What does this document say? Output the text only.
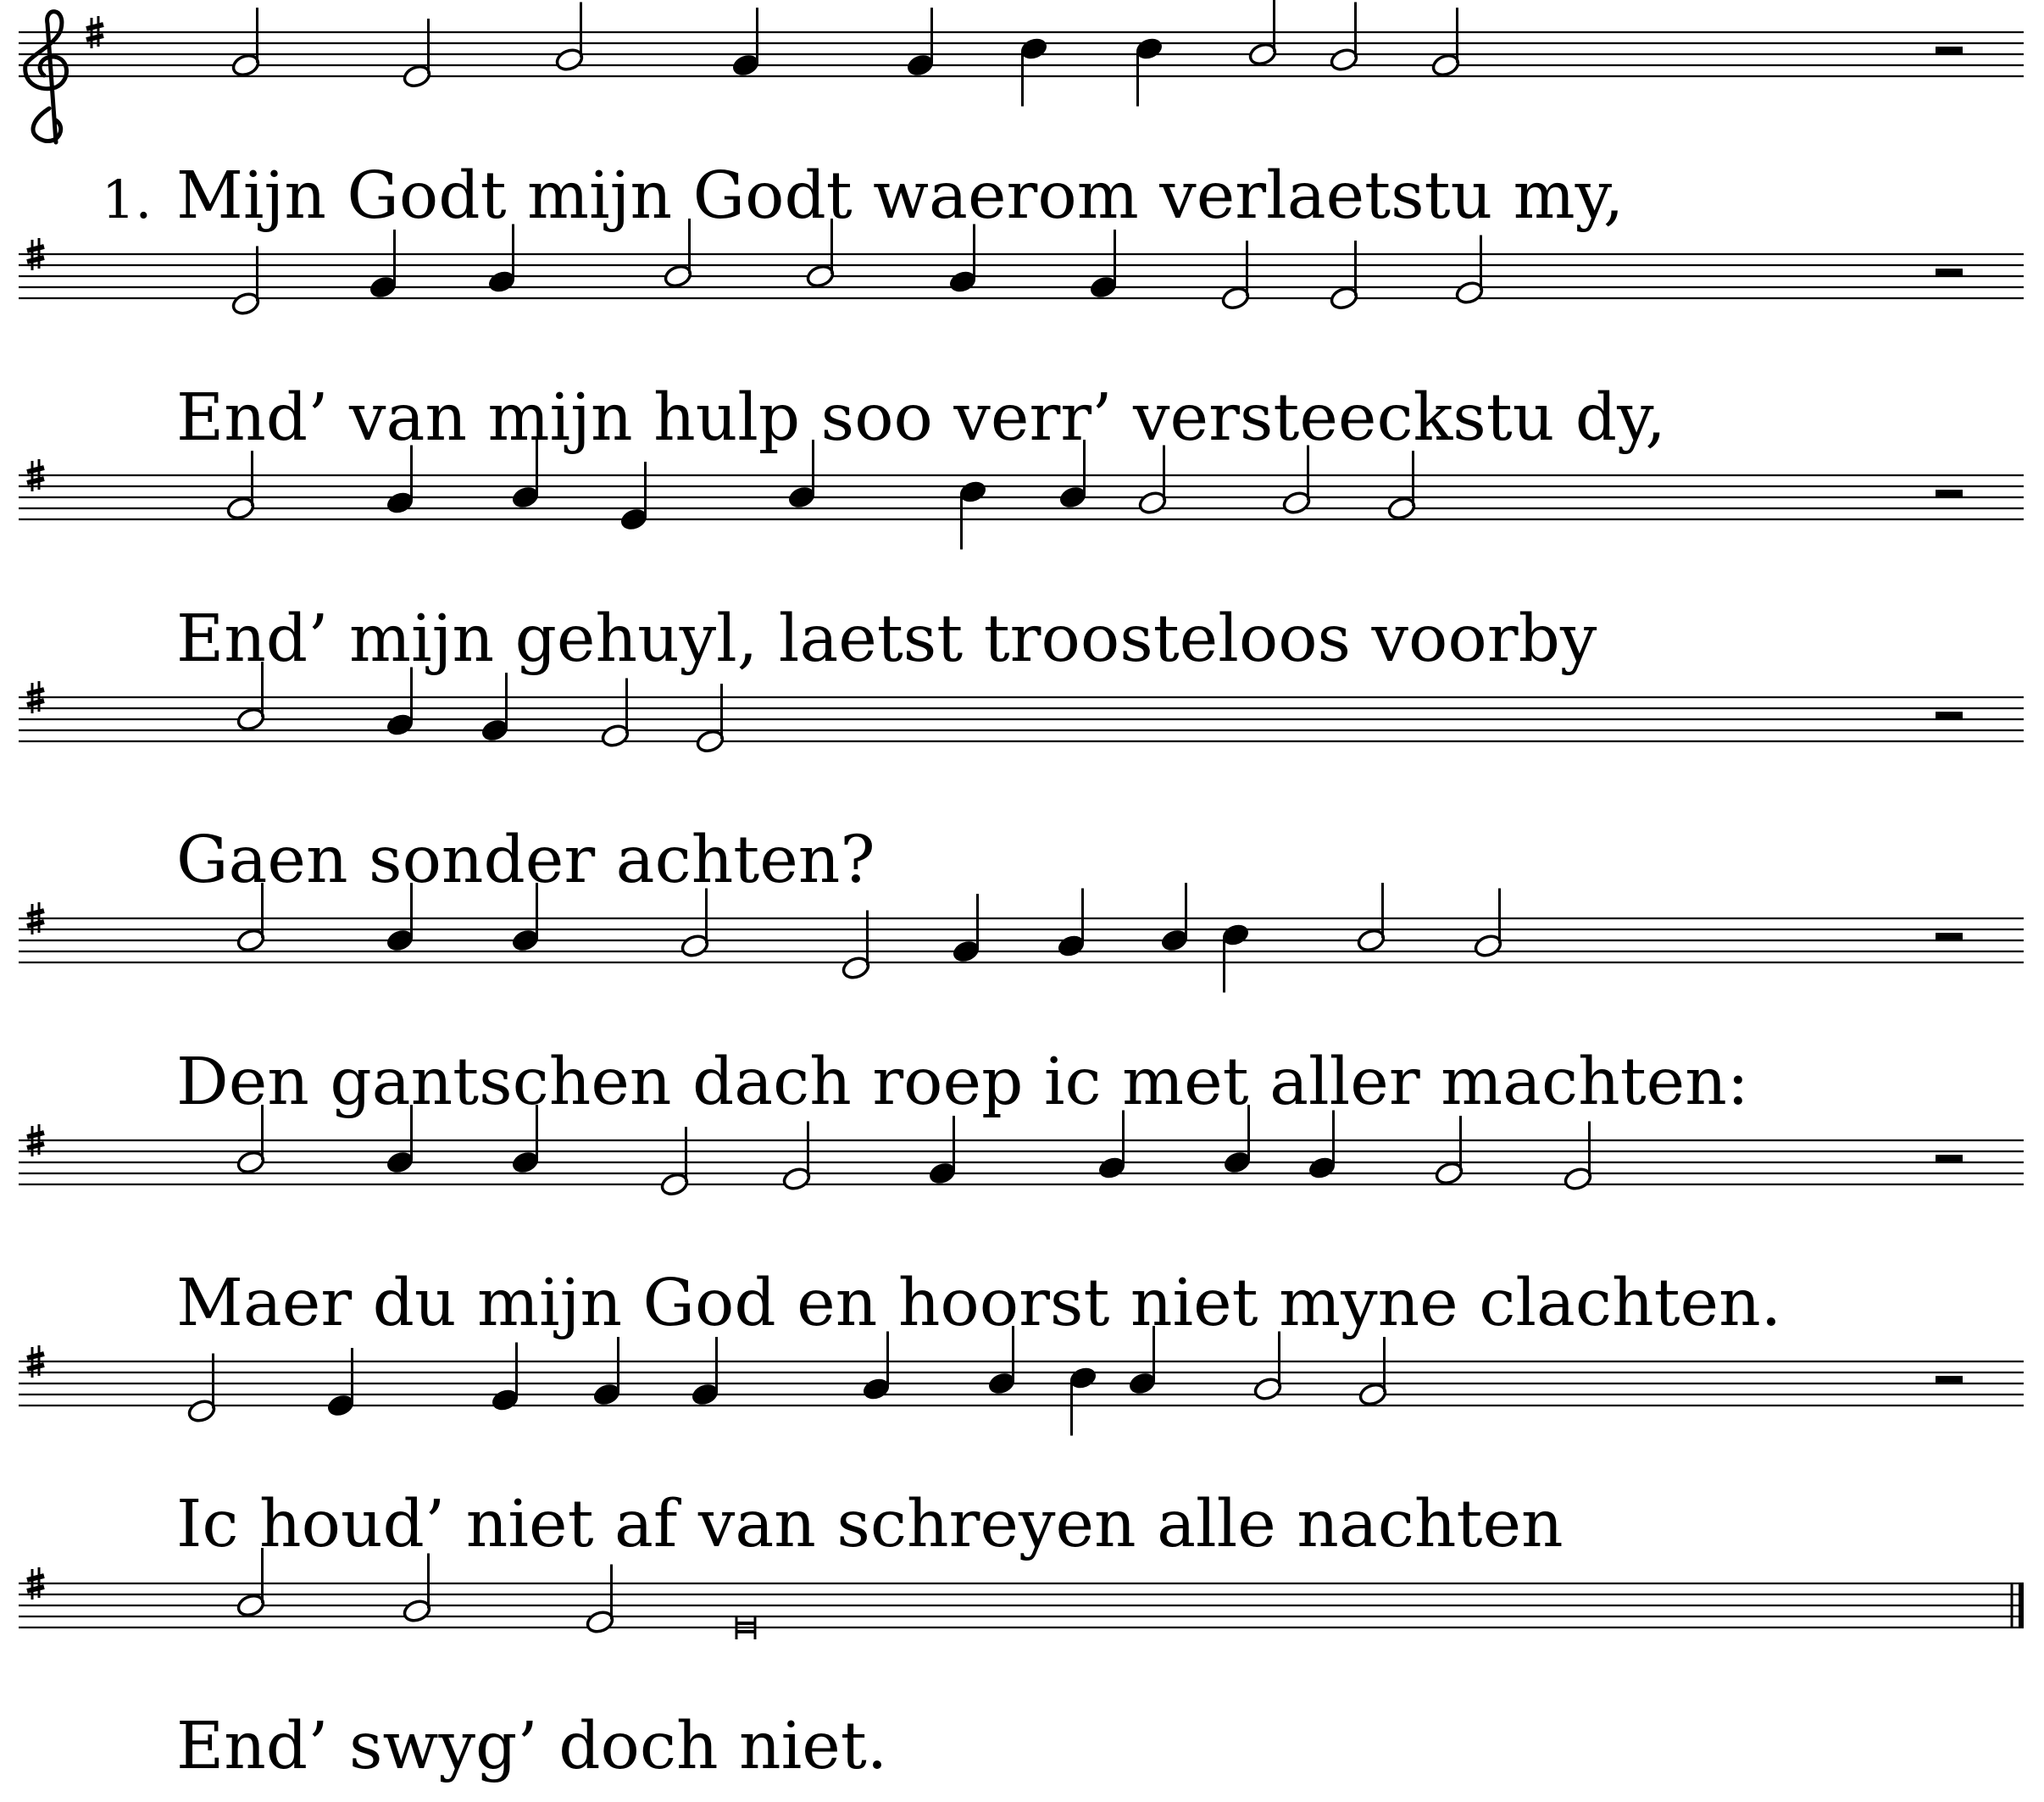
1. Mijn Godt mijn Godt waerom verlaetstu my,
End’ van mijn hulp soo verr’ versteeckstu dy,
End’ mijn gehuyl, laetst troosteloos voorby
Gaen sonder achten?
Den gantschen dach roep ic met aller machten:
Maer du mijn God en hoorst niet myne clachten.
Ic houd’ niet af van schreyen alle nachten
End’ swyg’ doch niet.
